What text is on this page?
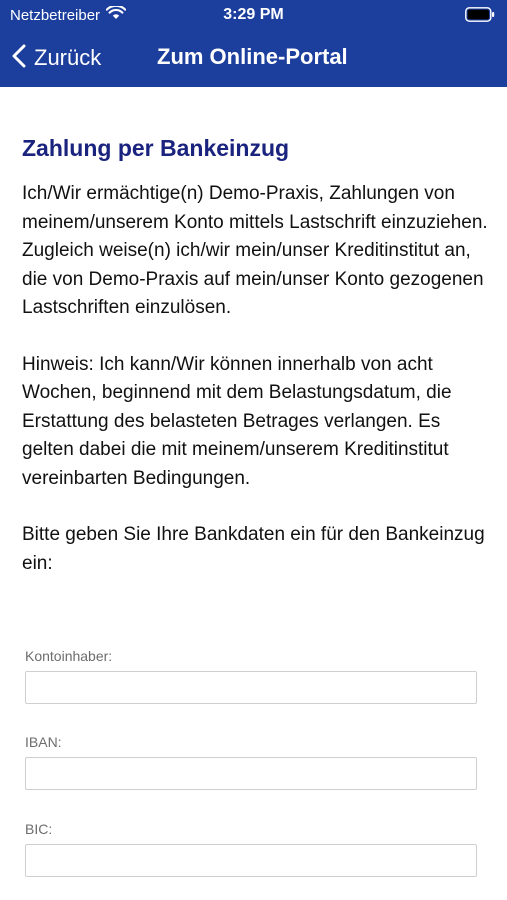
Netzbetreiber	3:29 PM
Zurück	Zum Online-Portal
Zahlung per Bankeinzug

Ich/Wir ermächtige(n) Demo-Praxis, Zahlungen von meinem/unserem Konto mittels Lastschrift einzuziehen. Zugleich weise(n) ich/wir mein/unser Kreditinstitut an, die von Demo-Praxis auf mein/unser Konto gezogenen Lastschriften einzulösen.

Hinweis: Ich kann/Wir können innerhalb von acht Wochen, beginnend mit dem Belastungsdatum, die Erstattung des belasteten Betrages verlangen. Es gelten dabei die mit meinem/unserem Kreditinstitut vereinbarten Bedingungen.

Bitte geben Sie Ihre Bankdaten ein für den Bankeinzug ein:

Kontoinhaber:
IBAN:
BIC:
